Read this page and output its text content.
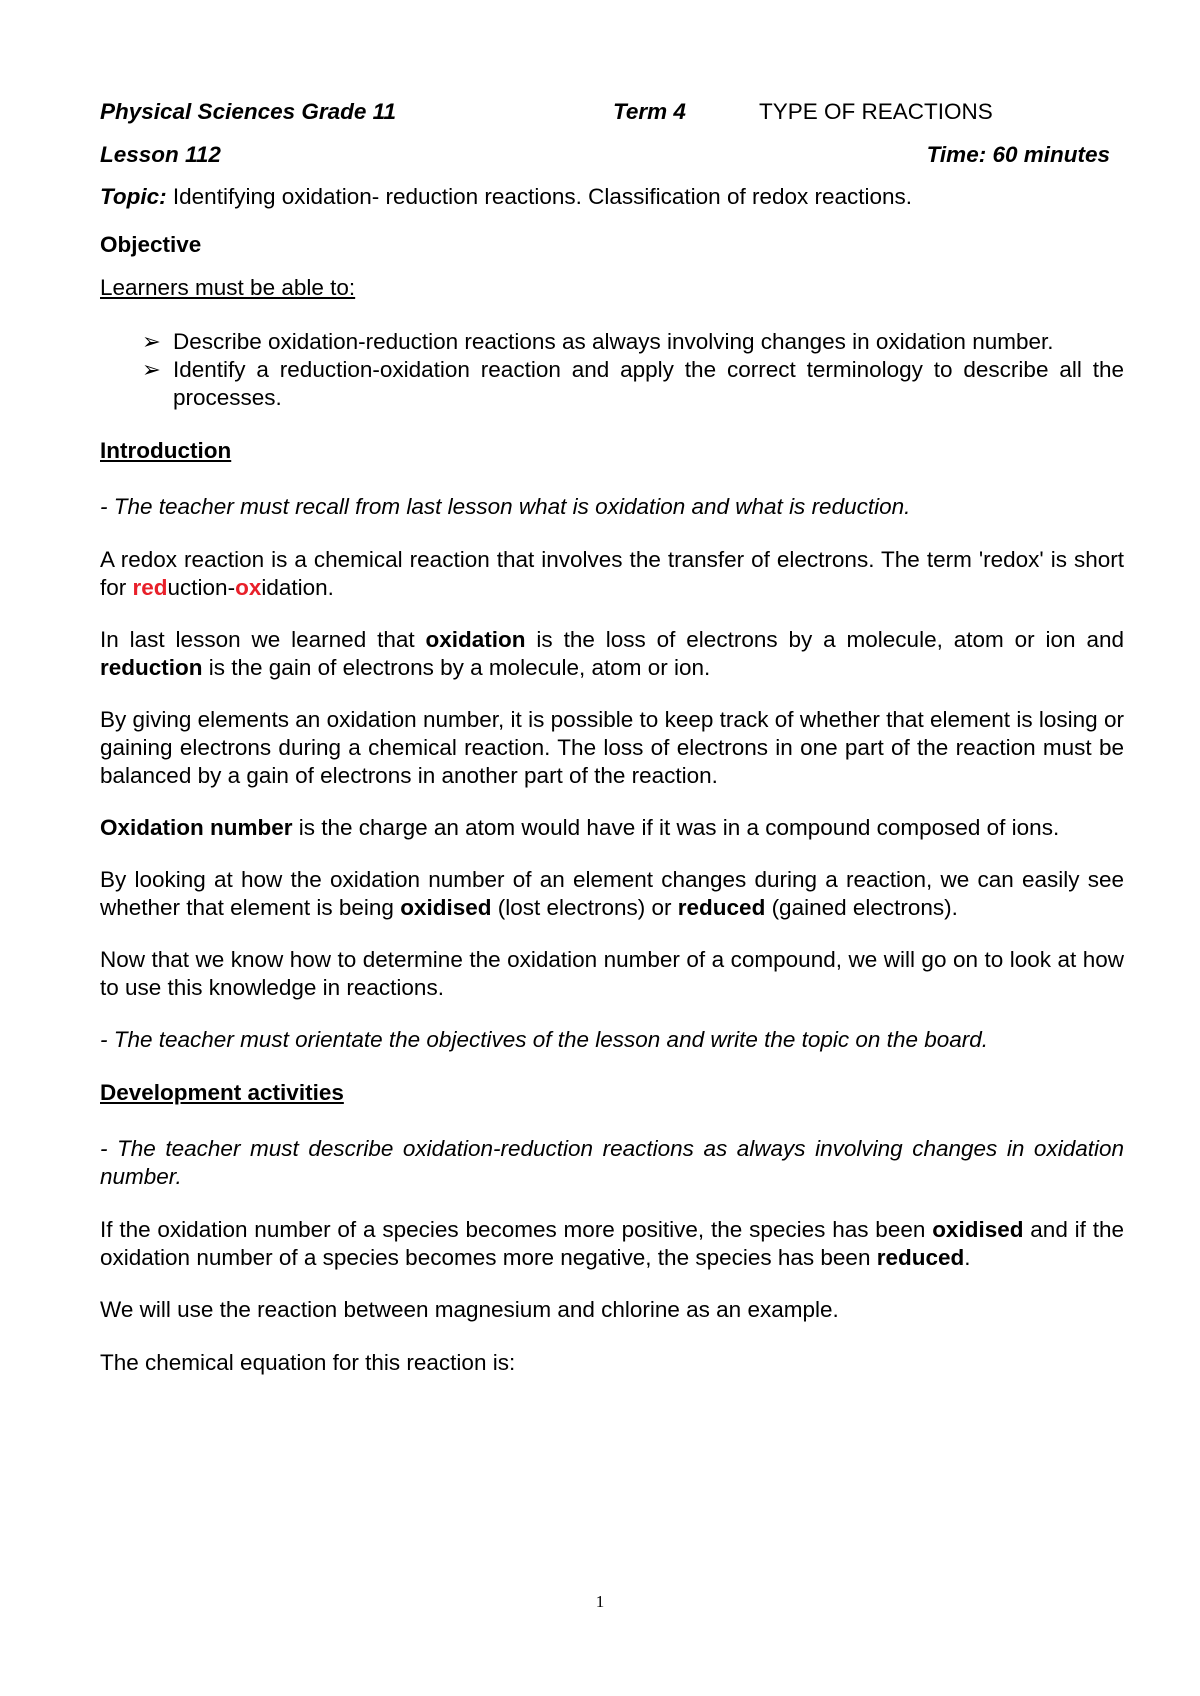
Physical Sciences Grade 11	Term 4	TYPE OF REACTIONS
Lesson 112	Time: 60 minutes

Topic: Identifying oxidation- reduction reactions. Classification of redox reactions.

Objective

Learners must be able to:

➢ Describe oxidation-reduction reactions as always involving changes in oxidation number.
➢ Identify a reduction-oxidation reaction and apply the correct terminology to describe all the processes.

Introduction

- The teacher must recall from last lesson what is oxidation and what is reduction.

A redox reaction is a chemical reaction that involves the transfer of electrons. The term 'redox' is short for reduction-oxidation.

In last lesson we learned that oxidation is the loss of electrons by a molecule, atom or ion and reduction is the gain of electrons by a molecule, atom or ion.

By giving elements an oxidation number, it is possible to keep track of whether that element is losing or gaining electrons during a chemical reaction. The loss of electrons in one part of the reaction must be balanced by a gain of electrons in another part of the reaction.

Oxidation number is the charge an atom would have if it was in a compound composed of ions.

By looking at how the oxidation number of an element changes during a reaction, we can easily see whether that element is being oxidised (lost electrons) or reduced (gained electrons).

Now that we know how to determine the oxidation number of a compound, we will go on to look at how to use this knowledge in reactions.

- The teacher must orientate the objectives of the lesson and write the topic on the board.

Development activities

- The teacher must describe oxidation-reduction reactions as always involving changes in oxidation number.

If the oxidation number of a species becomes more positive, the species has been oxidised and if the oxidation number of a species becomes more negative, the species has been reduced.

We will use the reaction between magnesium and chlorine as an example.

The chemical equation for this reaction is:

1
